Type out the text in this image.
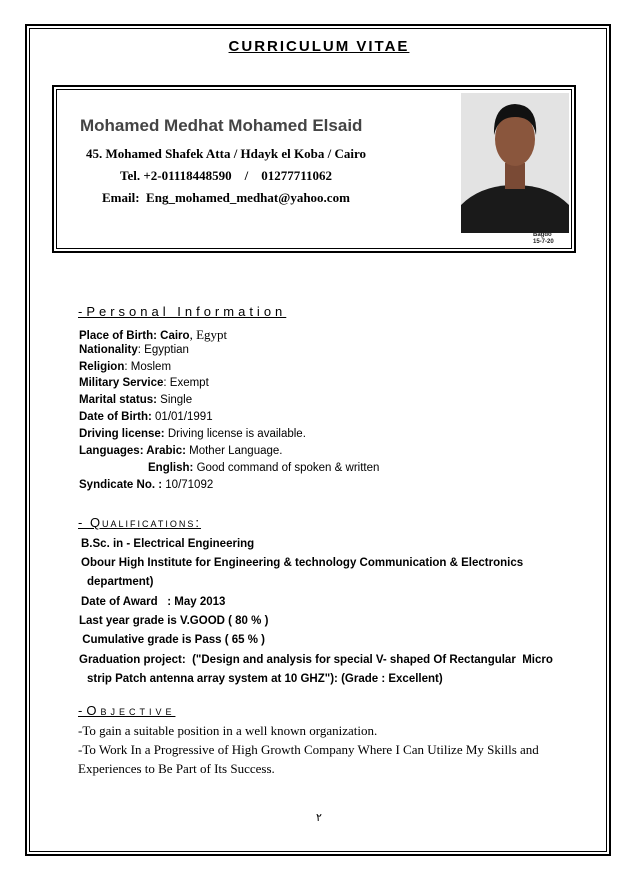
CURRICULUM VITAE
Mohamed Medhat Mohamed Elsaid
45. Mohamed Shafek Atta / Hdayk el Koba / Cairo
Tel. +2-01118448590    /    01277711062
Email:  Eng_mohamed_medhat@yahoo.com
Bagdo
15-7-20
-Personal Information
Place of Birth: Cairo, Egypt
Nationality: Egyptian
Religion: Moslem
Military Service: Exempt
Marital status: Single
Date of Birth: 01/01/1991
Driving license: Driving license is available.
Languages: Arabic: Mother Language.
English: Good command of spoken & written
Syndicate No. : 10/71092
- Qualifications:
B.Sc. in - Electrical Engineering
Obour High Institute for Engineering & technology Communication & Electronics
department)
Date of Award   : May 2013
Last year grade is V.GOOD ( 80 % )
Cumulative grade is Pass ( 65 % )
Graduation project:  ("Design and analysis for special V- shaped Of Rectangular  Micro
strip Patch antenna array system at 10 GHZ"): (Grade : Excellent)
-Objective
-To gain a suitable position in a well known organization.
-To Work In a Progressive of High Growth Company Where I Can Utilize My Skills and
Experiences to Be Part of Its Success.
٢
